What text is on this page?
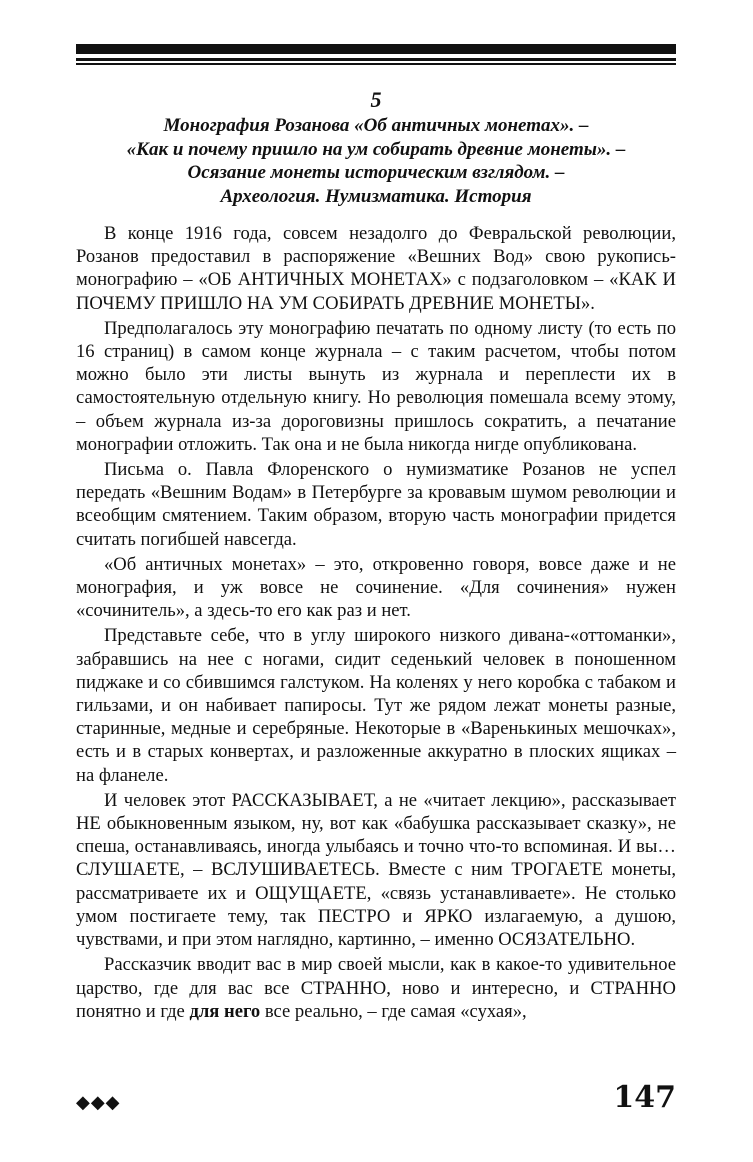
5
Монография Розанова «Об античных монетах». –
«Как и почему пришло на ум собирать древние монеты». –
Осязание монеты историческим взглядом. –
Археология. Нумизматика. История

В конце 1916 года, совсем незадолго до Февральской революции, Розанов предоставил в распоряжение «Вешних Вод» свою рукопись-монографию – «ОБ АНТИЧНЫХ МОНЕТАХ» с подзаголовком – «КАК И ПОЧЕМУ ПРИШЛО НА УМ СОБИРАТЬ ДРЕВНИЕ МОНЕТЫ».

Предполагалось эту монографию печатать по одному листу (то есть по 16 страниц) в самом конце журнала – с таким расчетом, чтобы потом можно было эти листы вынуть из журнала и переплести их в самостоятельную отдельную книгу. Но революция помешала всему этому, – объем журнала из-за дороговизны пришлось сократить, а печатание монографии отложить. Так она и не была никогда нигде опубликована.

Письма о. Павла Флоренского о нумизматике Розанов не успел передать «Вешним Водам» в Петербурге за кровавым шумом революции и всеобщим смятением. Таким образом, вторую часть монографии придется считать погибшей навсегда.

«Об античных монетах» – это, откровенно говоря, вовсе даже и не монография, и уж вовсе не сочинение. «Для сочинения» нужен «сочинитель», а здесь-то его как раз и нет.

Представьте себе, что в углу широкого низкого дивана-«оттоманки», забравшись на нее с ногами, сидит седенький человек в поношенном пиджаке и со сбившимся галстуком. На коленях у него коробка с табаком и гильзами, и он набивает папиросы. Тут же рядом лежат монеты разные, старинные, медные и серебряные. Некоторые в «Варенькиных мешочках», есть и в старых конвертах, и разложенные аккуратно в плоских ящиках – на фланеле.

И человек этот РАССКАЗЫВАЕТ, а не «читает лекцию», рассказывает НЕ обыкновенным языком, ну, вот как «бабушка рассказывает сказку», не спеша, останавливаясь, иногда улыбаясь и точно что-то вспоминая. И вы… СЛУШАЕТЕ, – ВСЛУШИВАЕТЕСЬ. Вместе с ним ТРОГАЕТЕ монеты, рассматриваете их и ОЩУЩАЕТЕ, «связь устанавливаете». Не столько умом постигаете тему, так ПЕСТРО и ЯРКО излагаемую, а душою, чувствами, и при этом наглядно, картинно, – именно ОСЯЗАТЕЛЬНО.

Рассказчик вводит вас в мир своей мысли, как в какое-то удивительное царство, где для вас все СТРАННО, ново и интересно, и СТРАННО понятно и где для него все реально, – где самая «сухая»,

◆◆◆	147
